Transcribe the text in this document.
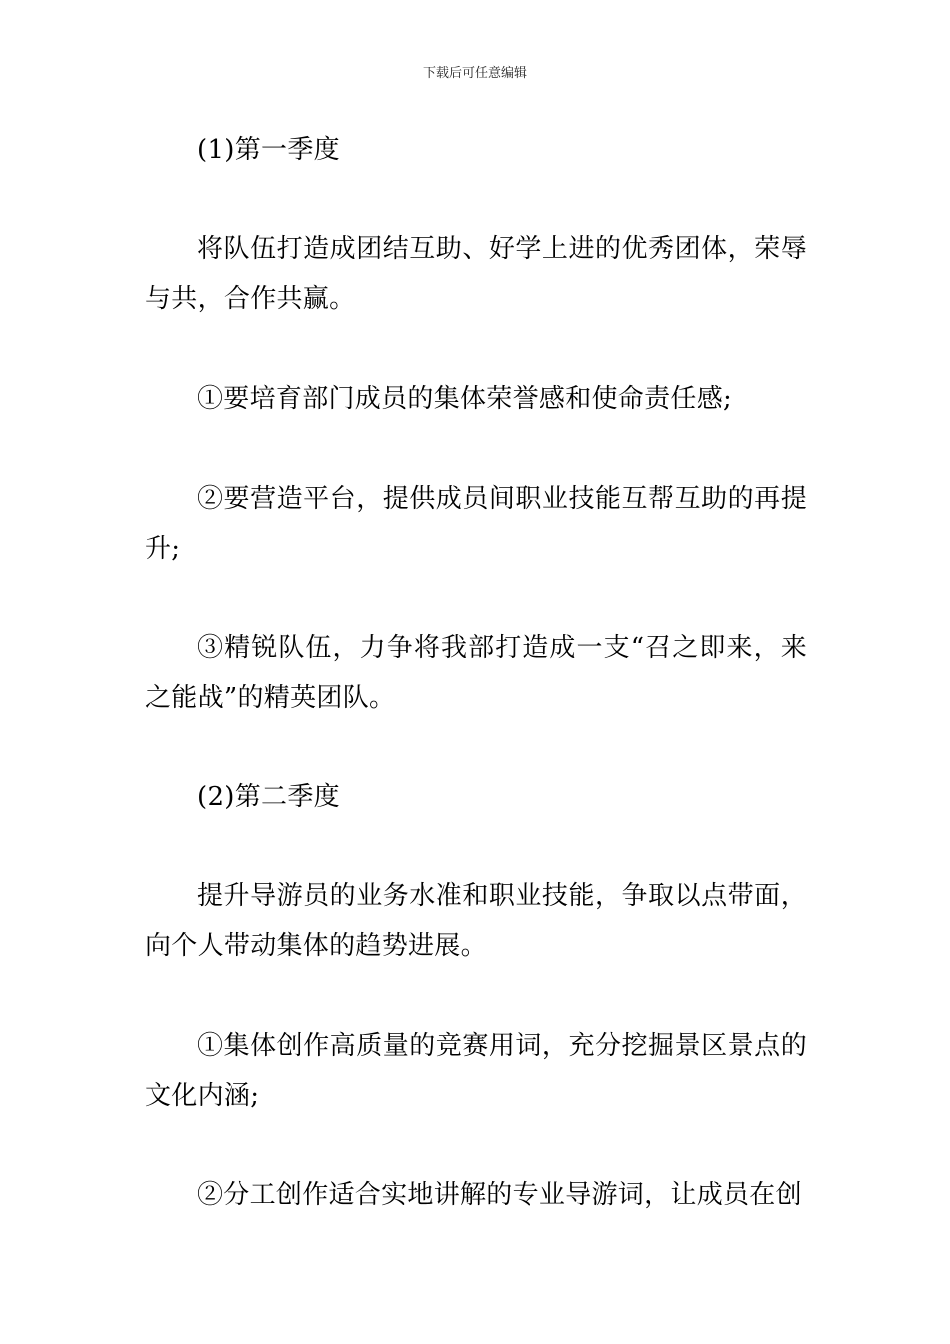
下载后可任意编辑

(1)第一季度

将队伍打造成团结互助、好学上进的优秀团体，荣辱与共，合作共赢。

①要培育部门成员的集体荣誉感和使命责任感;

②要营造平台，提供成员间职业技能互帮互助的再提升;

③精锐队伍，力争将我部打造成一支“召之即来，来之能战”的精英团队。

(2)第二季度

提升导游员的业务水准和职业技能，争取以点带面，向个人带动集体的趋势进展。

①集体创作高质量的竞赛用词，充分挖掘景区景点的文化内涵;

②分工创作适合实地讲解的专业导游词，让成员在创
